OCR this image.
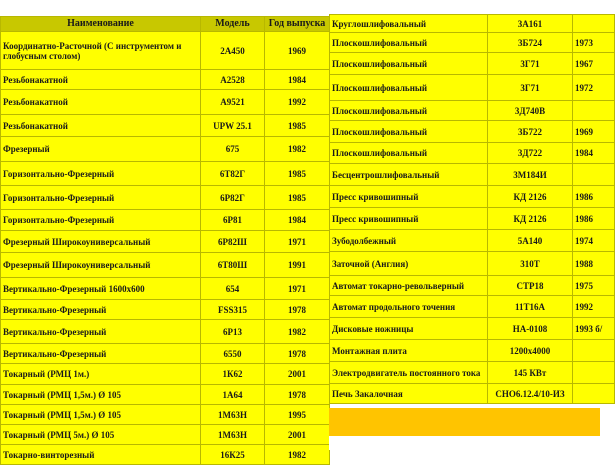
Наименование	Модель	Год выпуска
Координатно-Расточной (С инструментом и глобусным столом)	2А450	1969
Резьбонакатной	А2528	1984
Резьбонакатной	А9521	1992
Резьбонакатной	UPW 25.1	1985
Фрезерный	675	1982
Горизонтально-Фрезерный	6Т82Г	1985
Горизонтально-Фрезерный	6Р82Г	1985
Горизонтально-Фрезерный	6Р81	1984
Фрезерный Широкоуниверсальный	6Р82Ш	1971
Фрезерный Широкоуниверсальный	6Т80Ш	1991
Вертикально-Фрезерный 1600х600	654	1971
Вертикально-Фрезерный	FSS315	1978
Вертикально-Фрезерный	6Р13	1982
Вертикально-Фрезерный	6550	1978
Токарный (РМЦ 1м.)	1К62	2001
Токарный (РМЦ 1,5м.) Ø 105	1А64	1978
Токарный (РМЦ 1,5м.) Ø 105	1М63Н	1995
Токарный (РМЦ 5м.) Ø 105	1М63Н	2001
Токарно-винторезный	16К25	1982
Круглошлифовальный	3А161	
Плоскошлифовальный	3Б724	1973
Плоскошлифовальный	3Г71	1967
Плоскошлифовальный	3Г71	1972
Плоскошлифовальный	3Д740В	
Плоскошлифовальный	3Б722	1969
Плоскошлифовальный	3Д722	1984
Бесцентрошлифовальный	3М184И	
Пресс кривошипный	КД 2126	1986
Пресс кривошипный	КД 2126	1986
Зубодолбежный	5А140	1974
Заточной (Англия)	310Т	1988
Автомат токарно-револьверный	СТР18	1975
Автомат продольного точения	11Т16А	1992
Дисковые ножницы	НА-0108	1993 б/
Монтажная плита	1200х4000	
Электродвигатель постоянного тока	145 КВт	
Печь Закалочная	СНО6.12.4/10-ИЗ	
